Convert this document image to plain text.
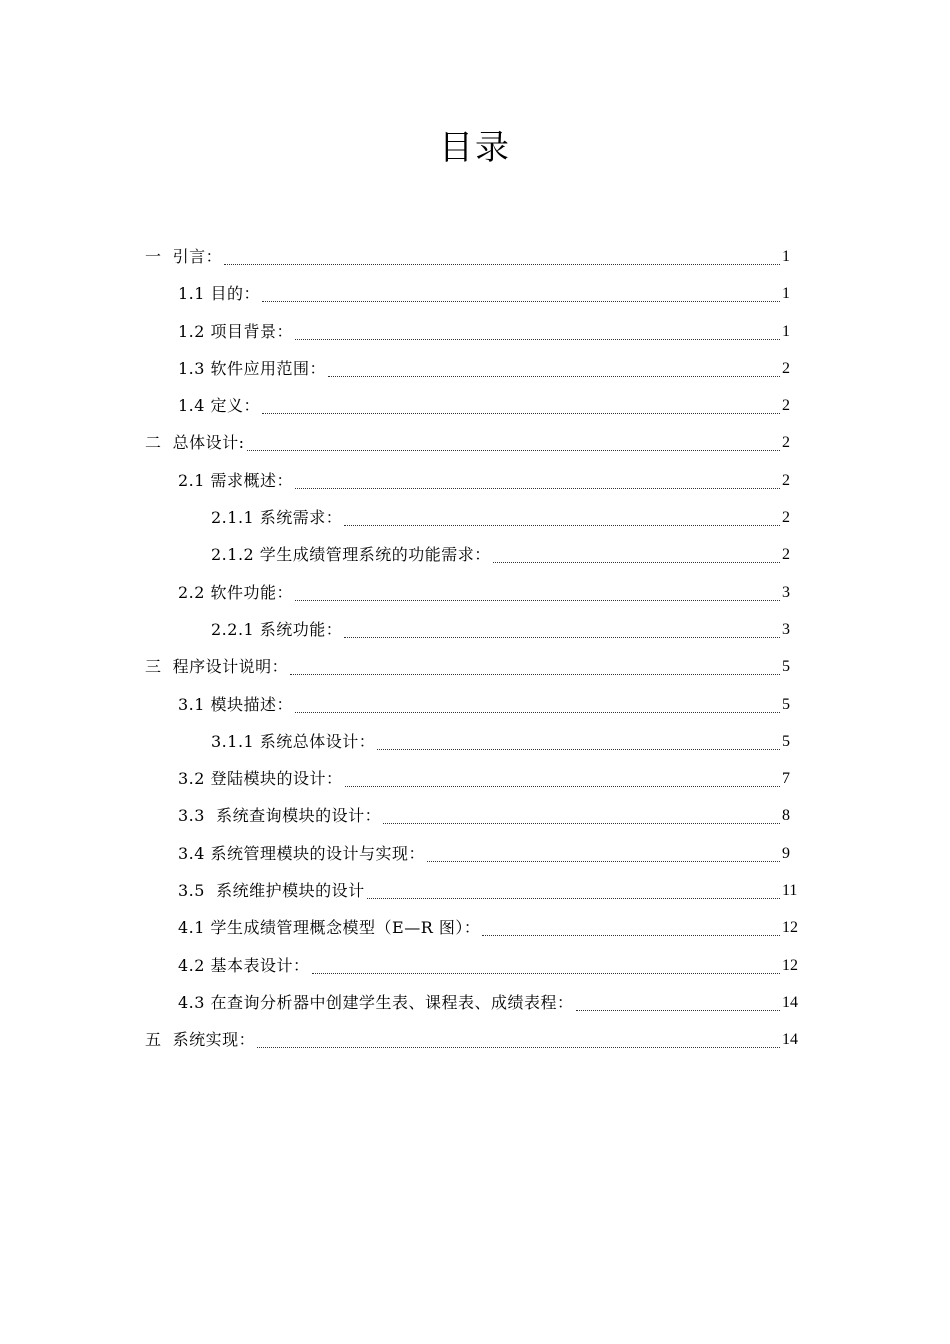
目录
一  引言：	1
1.1 目的：	1
1.2 项目背景：	1
1.3 软件应用范围：	2
1.4 定义：	2
二  总体设计:	2
2.1 需求概述：	2
2.1.1 系统需求：	2
2.1.2 学生成绩管理系统的功能需求：	2
2.2 软件功能：	3
2.2.1 系统功能：	3
三  程序设计说明：	5
3.1 模块描述：	5
3.1.1 系统总体设计：	5
3.2 登陆模块的设计：	7
3.3  系统查询模块的设计：	8
3.4 系统管理模块的设计与实现：	9
3.5  系统维护模块的设计	11
4.1 学生成绩管理概念模型（E—R 图）：	12
4.2 基本表设计：	12
4.3 在查询分析器中创建学生表、课程表、成绩表程：	14
五  系统实现：	14
